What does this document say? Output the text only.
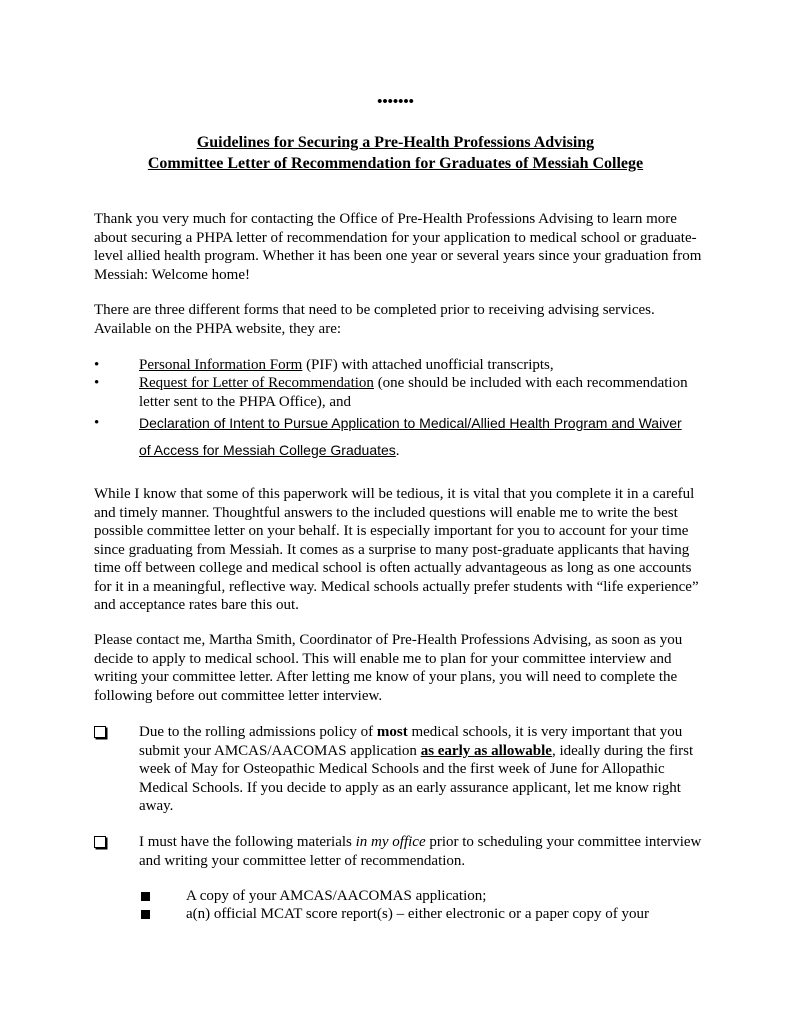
•••••••
Guidelines for Securing a Pre-Health Professions Advising
Committee Letter of Recommendation for Graduates of Messiah College

Thank you very much for contacting the Office of Pre-Health Professions Advising to learn more about securing a PHPA letter of recommendation for your application to medical school or graduate-level allied health program. Whether it has been one year or several years since your graduation from Messiah: Welcome home!

There are three different forms that need to be completed prior to receiving advising services. Available on the PHPA website, they are:

•	Personal Information Form (PIF) with attached unofficial transcripts,

•	Request for Letter of Recommendation (one should be included with each recommendation letter sent to the PHPA Office), and

•	Declaration of Intent to Pursue Application to Medical/Allied Health Program and Waiver of Access for Messiah College Graduates.

While I know that some of this paperwork will be tedious, it is vital that you complete it in a careful and timely manner. Thoughtful answers to the included questions will enable me to write the best possible committee letter on your behalf. It is especially important for you to account for your time since graduating from Messiah. It comes as a surprise to many post-graduate applicants that having time off between college and medical school is often actually advantageous as long as one accounts for it in a meaningful, reflective way. Medical schools actually prefer students with “life experience” and acceptance rates bare this out.

Please contact me, Martha Smith, Coordinator of Pre-Health Professions Advising, as soon as you decide to apply to medical school. This will enable me to plan for your committee interview and writing your committee letter. After letting me know of your plans, you will need to complete the following before out committee letter interview.

Due to the rolling admissions policy of most medical schools, it is very important that you submit your AMCAS/AACOMAS application as early as allowable, ideally during the first week of May for Osteopathic Medical Schools and the first week of June for Allopathic Medical Schools. If you decide to apply as an early assurance applicant, let me know right away.

I must have the following materials in my office prior to scheduling your committee interview and writing your committee letter of recommendation.

A copy of your AMCAS/AACOMAS application;

a(n) official MCAT score report(s) – either electronic or a paper copy of your
